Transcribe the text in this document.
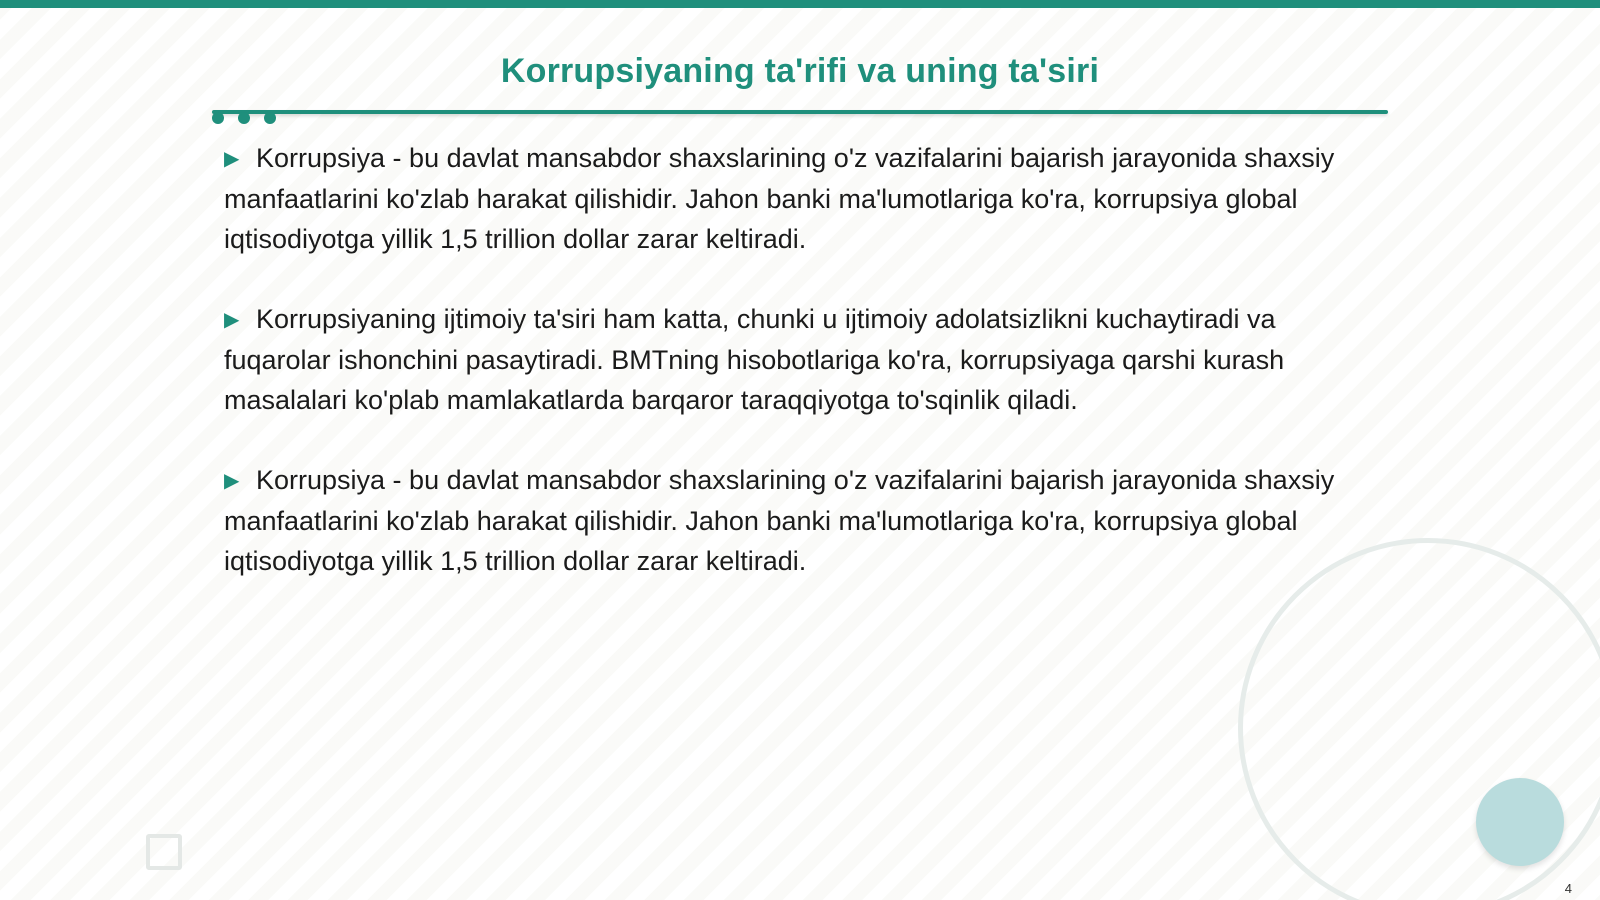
Korrupsiyaning ta'rifi va uning ta'siri

▶ Korrupsiya - bu davlat mansabdor shaxslarining o'z vazifalarini bajarish jarayonida shaxsiy manfaatlarini ko'zlab harakat qilishidir. Jahon banki ma'lumotlariga ko'ra, korrupsiya global iqtisodiyotga yillik 1,5 trillion dollar zarar keltiradi.

▶ Korrupsiyaning ijtimoiy ta'siri ham katta, chunki u ijtimoiy adolatsizlikni kuchaytiradi va fuqarolar ishonchini pasaytiradi. BMTning hisobotlariga ko'ra, korrupsiyaga qarshi kurash masalalari ko'plab mamlakatlarda barqaror taraqqiyotga to'sqinlik qiladi.

▶ Korrupsiya - bu davlat mansabdor shaxslarining o'z vazifalarini bajarish jarayonida shaxsiy manfaatlarini ko'zlab harakat qilishidir. Jahon banki ma'lumotlariga ko'ra, korrupsiya global iqtisodiyotga yillik 1,5 trillion dollar zarar keltiradi.

4
